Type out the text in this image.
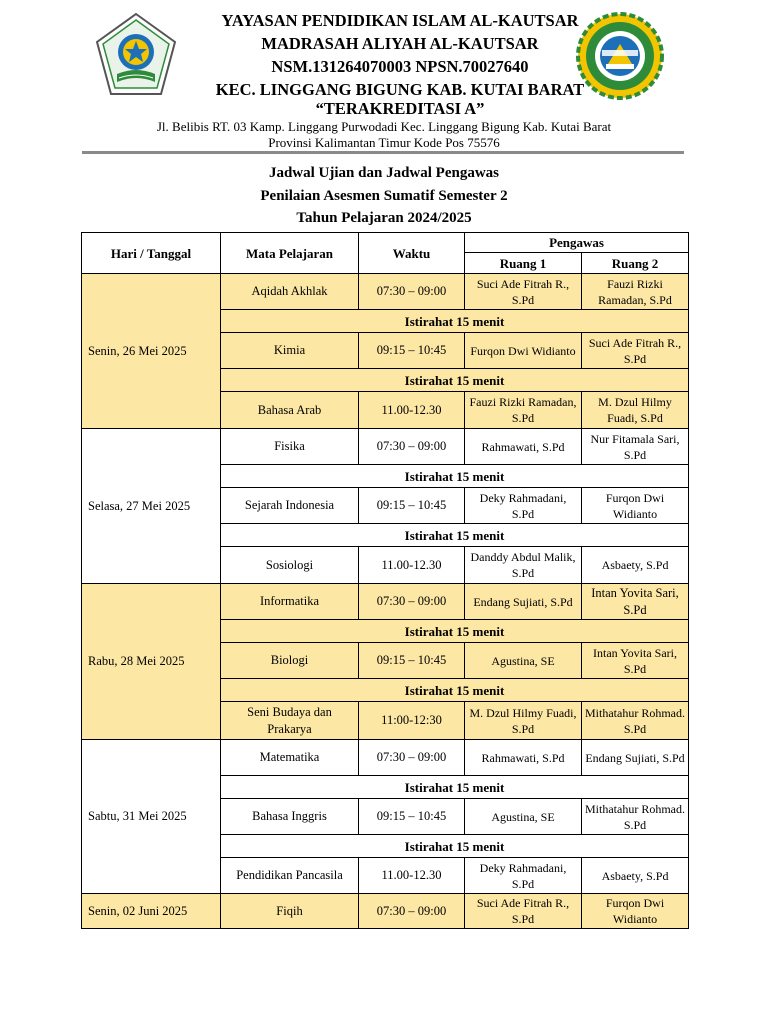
YAYASAN PENDIDIKAN ISLAM AL-KAUTSAR
MADRASAH ALIYAH AL-KAUTSAR
NSM.131264070003 NPSN.70027640
KEC. LINGGANG BIGUNG KAB. KUTAI BARAT
“TERAKREDITASI A”
Jl. Belibis RT. 03 Kamp. Linggang Purwodadi Kec. Linggang Bigung Kab. Kutai Barat
Provinsi Kalimantan Timur Kode Pos 75576
Jadwal Ujian dan Jadwal Pengawas
Penilaian Asesmen Sumatif Semester 2
Tahun Pelajaran 2024/2025
Hari / Tanggal	Mata Pelajaran	Waktu	Pengawas	
			Ruang 1	Ruang 2
Senin, 26 Mei 2025	Aqidah Akhlak	07:30 – 09:00	Suci Ade Fitrah R., S.Pd	Fauzi Rizki Ramadan, S.Pd
	Istirahat 15 menit			
	Kimia	09:15 – 10:45	Furqon Dwi Widianto	Suci Ade Fitrah R., S.Pd
	Istirahat 15 menit			
	Bahasa Arab	11.00-12.30	Fauzi Rizki Ramadan, S.Pd	M. Dzul Hilmy Fuadi, S.Pd
Selasa, 27 Mei 2025	Fisika	07:30 – 09:00	Rahmawati, S.Pd	Nur Fitamala Sari, S.Pd
	Istirahat 15 menit			
	Sejarah Indonesia	09:15 – 10:45	Deky Rahmadani, S.Pd	Furqon Dwi Widianto
	Istirahat 15 menit			
	Sosiologi	11.00-12.30	Danddy Abdul Malik, S.Pd	Asbaety, S.Pd
Rabu, 28 Mei 2025	Informatika	07:30 – 09:00	Endang Sujiati, S.Pd	Intan Yovita Sari, S.Pd
	Istirahat 15 menit			
	Biologi	09:15 – 10:45	Agustina, SE	Intan Yovita Sari, S.Pd
	Istirahat 15 menit			
	Seni Budaya dan Prakarya	11:00-12:30	M. Dzul Hilmy Fuadi, S.Pd	Mithatahur Rohmad. S.Pd
Sabtu, 31 Mei 2025	Matematika	07:30 – 09:00	Rahmawati, S.Pd	Endang Sujiati, S.Pd
	Istirahat 15 menit			
	Bahasa Inggris	09:15 – 10:45	Agustina, SE	Mithatahur Rohmad. S.Pd
	Istirahat 15 menit			
	Pendidikan Pancasila	11.00-12.30	Deky Rahmadani, S.Pd	Asbaety, S.Pd
Senin, 02 Juni 2025	Fiqih	07:30 – 09:00	Suci Ade Fitrah R., S.Pd	Furqon Dwi Widianto
